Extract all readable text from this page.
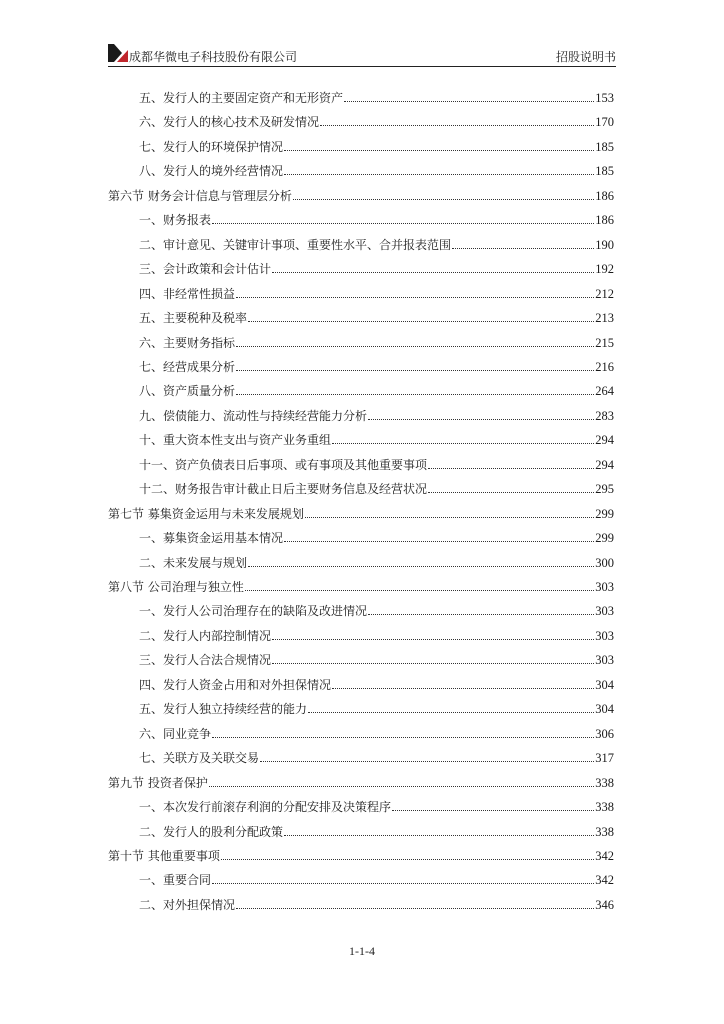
成都华微电子科技股份有限公司	招股说明书
五、发行人的主要固定资产和无形资产	153
六、发行人的核心技术及研发情况	170
七、发行人的环境保护情况	185
八、发行人的境外经营情况	185
第六节 财务会计信息与管理层分析	186
一、财务报表	186
二、审计意见、关键审计事项、重要性水平、合并报表范围	190
三、会计政策和会计估计	192
四、非经常性损益	212
五、主要税种及税率	213
六、主要财务指标	215
七、经营成果分析	216
八、资产质量分析	264
九、偿债能力、流动性与持续经营能力分析	283
十、重大资本性支出与资产业务重组	294
十一、资产负债表日后事项、或有事项及其他重要事项	294
十二、财务报告审计截止日后主要财务信息及经营状况	295
第七节 募集资金运用与未来发展规划	299
一、募集资金运用基本情况	299
二、未来发展与规划	300
第八节 公司治理与独立性	303
一、发行人公司治理存在的缺陷及改进情况	303
二、发行人内部控制情况	303
三、发行人合法合规情况	303
四、发行人资金占用和对外担保情况	304
五、发行人独立持续经营的能力	304
六、同业竞争	306
七、关联方及关联交易	317
第九节 投资者保护	338
一、本次发行前滚存利润的分配安排及决策程序	338
二、发行人的股利分配政策	338
第十节 其他重要事项	342
一、重要合同	342
二、对外担保情况	346
1-1-4
